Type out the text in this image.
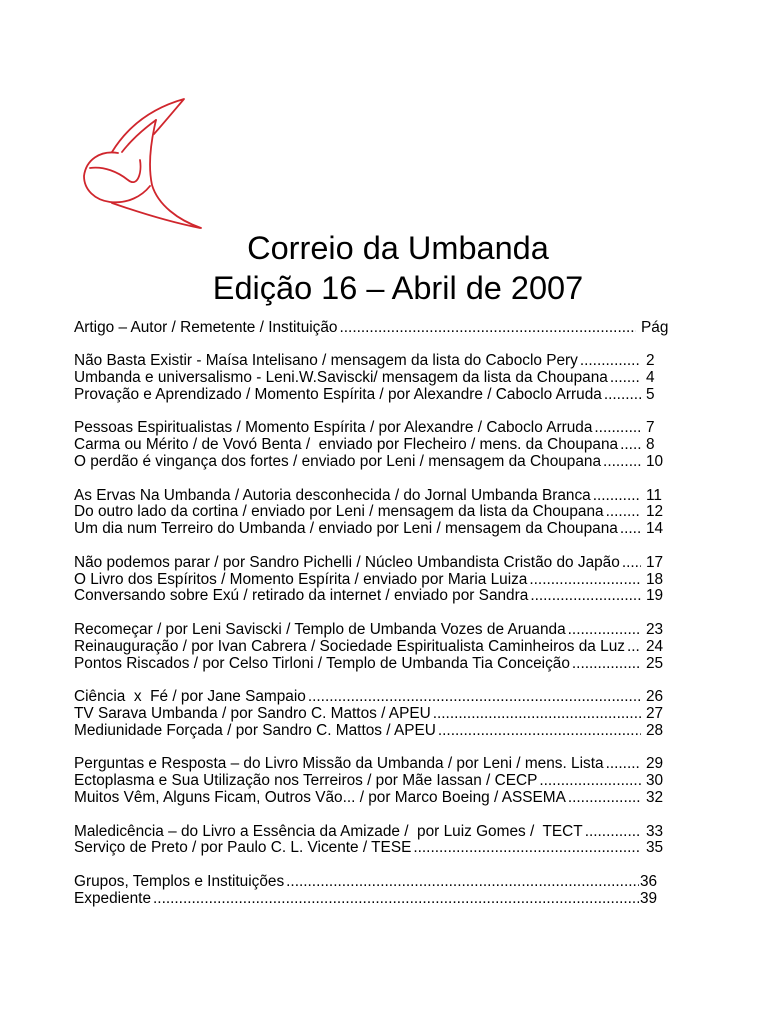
Correio da Umbanda
Edição 16 – Abril de 2007
Artigo – Autor / Remetente / Instituição .....	Pág
Não Basta Existir - Maísa Intelisano / mensagem da lista do Caboclo Pery .....	2
Umbanda e universalismo - Leni.W.Saviscki/ mensagem da lista da Choupana ..... 4
Provação e Aprendizado / Momento Espírita / por Alexandre / Caboclo Arruda .....	5
Pessoas Espiritualistas / Momento Espírita / por Alexandre / Caboclo Arruda .....	7
Carma ou Mérito / de Vovó Benta /  enviado por Flecheiro / mens. da Choupana ..... 8
O perdão é vingança dos fortes / enviado por Leni / mensagem da Choupana .....	10
As Ervas Na Umbanda / Autoria desconhecida / do Jornal Umbanda Branca .....	11
Do outro lado da cortina / enviado por Leni / mensagem da lista da Choupana .....	12
Um dia num Terreiro do Umbanda / enviado por Leni / mensagem da Choupana ..... 14
Não podemos parar / por Sandro Pichelli / Núcleo Umbandista Cristão do Japão ..... 17
O Livro dos Espíritos / Momento Espírita / enviado por Maria Luiza .....	18
Conversando sobre Exú / retirado da internet / enviado por Sandra .....	19
Recomeçar / por Leni Saviscki / Templo de Umbanda Vozes de Aruanda .....	23
Reinauguração / por Ivan Cabrera / Sociedade Espiritualista Caminheiros da Luz ..... 24
Pontos Riscados / por Celso Tirloni / Templo de Umbanda Tia Conceição .....	25
Ciência  x  Fé / por Jane Sampaio .....	26
TV Sarava Umbanda / por Sandro C. Mattos / APEU .....	27
Mediunidade Forçada / por Sandro C. Mattos / APEU .....	28
Perguntas e Resposta – do Livro Missão da Umbanda / por Leni / mens. Lista .....	29
Ectoplasma e Sua Utilização nos Terreiros / por Mãe Iassan / CECP .....	30
Muitos Vêm, Alguns Ficam, Outros Vão... / por Marco Boeing / ASSEMA .....	32
Maledicência – do Livro a Essência da Amizade /  por Luiz Gomes /  TECT .....	33
Serviço de Preto / por Paulo C. L. Vicente / TESE .....	35
Grupos, Templos e Instituições .....	36
Expediente .....	39
